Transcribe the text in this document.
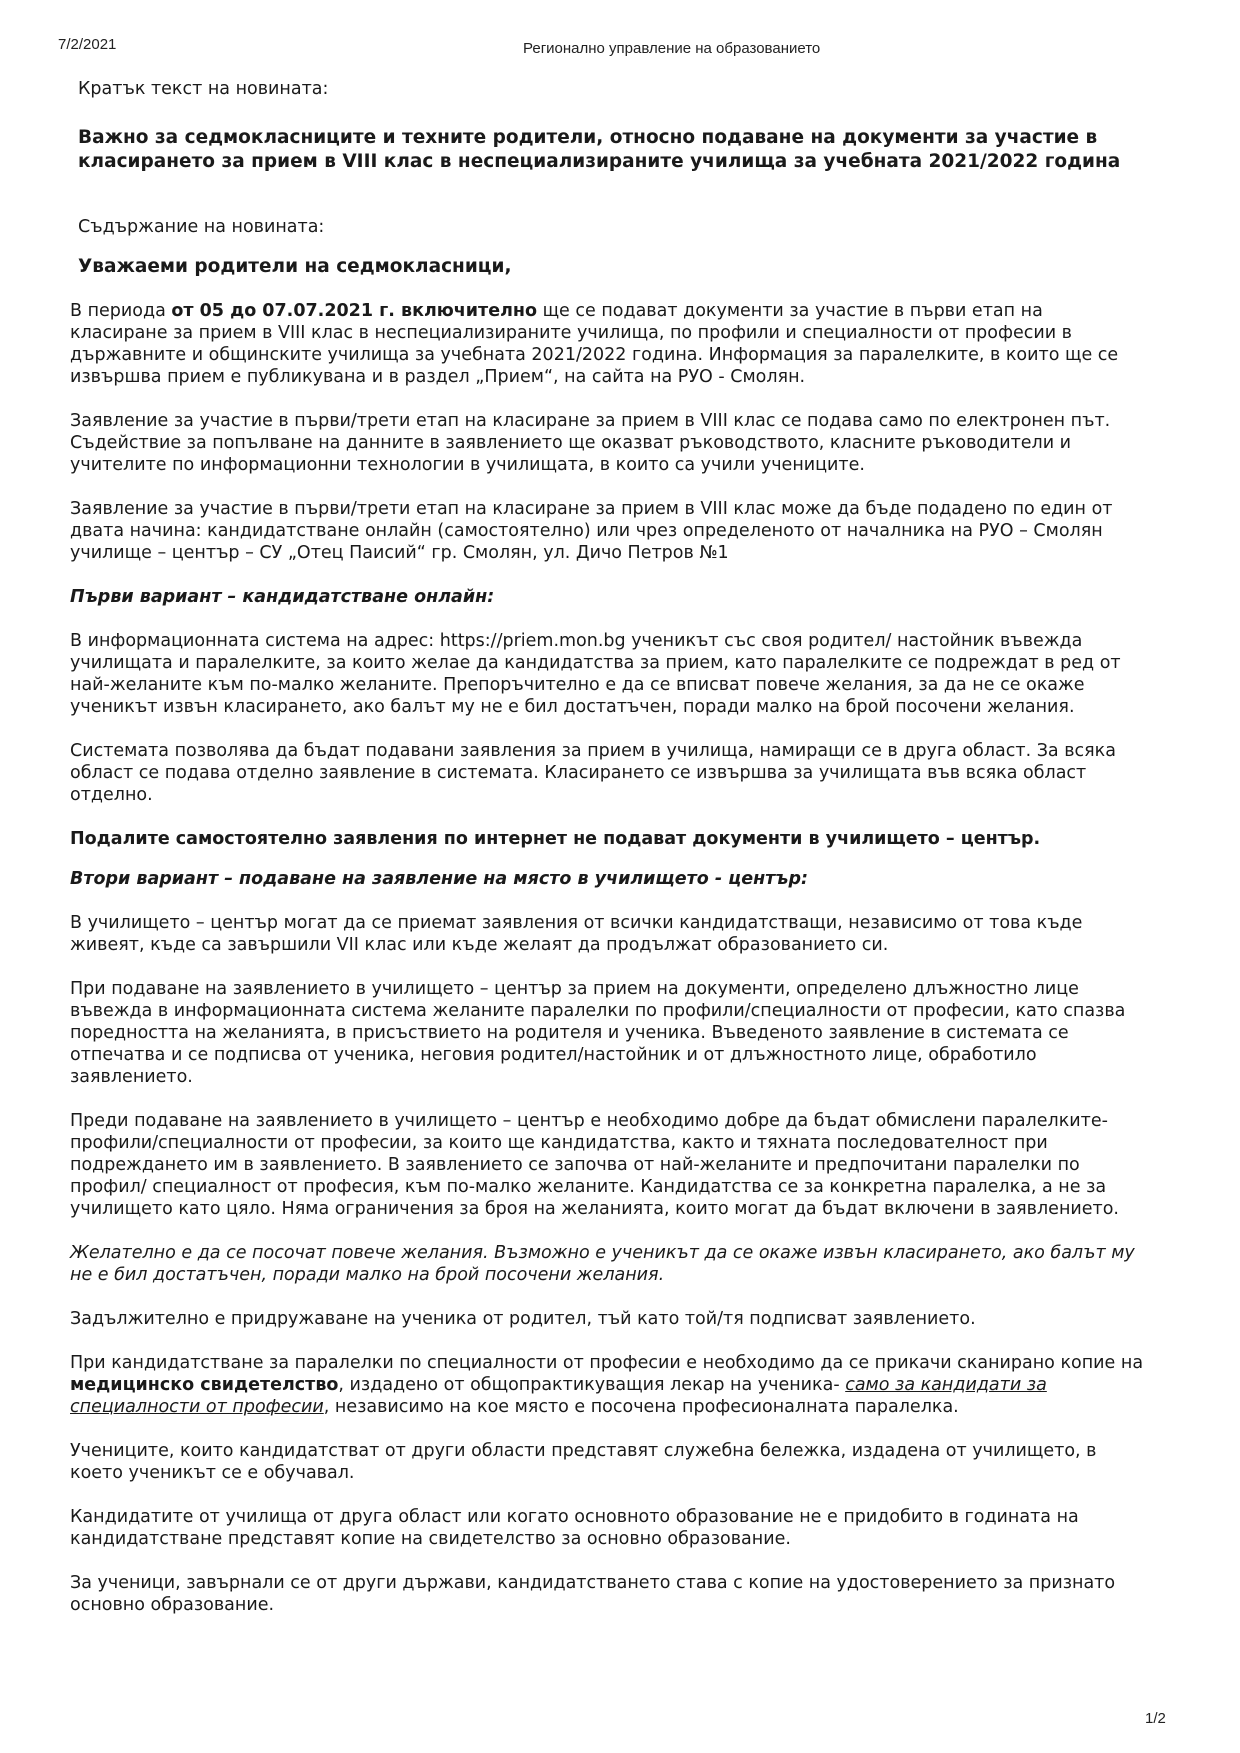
7/2/2021	Регионално управление на образованието

Кратък текст на новината:

Важно за седмокласниците и техните родители, относно подаване на документи за участие в класирането за прием в VIII клас в неспециализираните училища за учебната 2021/2022 година

Съдържание на новината:

Уважаеми родители на седмокласници,

В периода от 05 до 07.07.2021 г. включително ще се подават документи за участие в първи етап на класиране за прием в VIII клас в неспециализираните училища, по профили и специалности от професии в държавните и общинските училища за учебната 2021/2022 година. Информация за паралелките, в които ще се извършва прием е публикувана и в раздел „Прием“, на сайта на РУО - Смолян.

Заявление за участие в първи/трети етап на класиране за прием в VIII клас се подава само по електронен път. Съдействие за попълване на данните в заявлението ще оказват ръководството, класните ръководители и учителите по информационни технологии в училищата, в които са учили учениците.

Заявление за участие в първи/трети етап на класиране за прием в VIII клас може да бъде подадено по един от двата начина: кандидатстване онлайн (самостоятелно) или чрез определеното от началника на РУО – Смолян училище – център – СУ „Отец Паисий“ гр. Смолян, ул. Дичо Петров №1

Първи вариант – кандидатстване онлайн:

В информационната система на адрес: https://priem.mon.bg ученикът със своя родител/ настойник въвежда училищата и паралелките, за които желае да кандидатства за прием, като паралелките се подреждат в ред от най-желаните към по-малко желаните. Препоръчително е да се вписват повече желания, за да не се окаже ученикът извън класирането, ако балът му не е бил достатъчен, поради малко на брой посочени желания.

Системата позволява да бъдат подавани заявления за прием в училища, намиращи се в друга област. За всяка област се подава отделно заявление в системата. Класирането се извършва за училищата във всяка област отделно.

Подалите самостоятелно заявления по интернет не подават документи в училището – център.

Втори вариант – подаване на заявление на място в училището - център:

В училището – център могат да се приемат заявления от всички кандидатстващи, независимо от това къде живеят, къде са завършили VII клас или къде желаят да продължат образованието си.

При подаване на заявлението в училището – център за прием на документи, определено длъжностно лице въвежда в информационната система желаните паралелки по профили/специалности от професии, като спазва поредността на желанията, в присъствието на родителя и ученика. Въведеното заявление в системата се отпечатва и се подписва от ученика, неговия родител/настойник и от длъжностното лице, обработило заявлението.

Преди подаване на заявлението в училището – център е необходимо добре да бъдат обмислени паралелките-профили/специалности от професии, за които ще кандидатства, както и тяхната последователност при подреждането им в заявлението. В заявлението се започва от най-желаните и предпочитани паралелки по профил/ специалност от професия, към по-малко желаните. Кандидатства се за конкретна паралелка, а не за училището като цяло. Няма ограничения за броя на желанията, които могат да бъдат включени в заявлението.

Желателно е да се посочат повече желания. Възможно е ученикът да се окаже извън класирането, ако балът му не е бил достатъчен, поради малко на брой посочени желания.

Задължително е придружаване на ученика от родител, тъй като той/тя подписват заявлението.

При кандидатстване за паралелки по специалности от професии е необходимо да се прикачи сканирано копие на медицинско свидетелство, издадено от общопрактикуващия лекар на ученика- само за кандидати за специалности от професии, независимо на кое място е посочена професионалната паралелка.

Учениците, които кандидатстват от други области представят служебна бележка, издадена от училището, в което ученикът се е обучавал.

Кандидатите от училища от друга област или когато основното образование не е придобито в годината на кандидатстване представят копие на свидетелство за основно образование.

За ученици, завърнали се от други държави, кандидатстването става с копие на удостоверението за признато основно образование.

1/2
